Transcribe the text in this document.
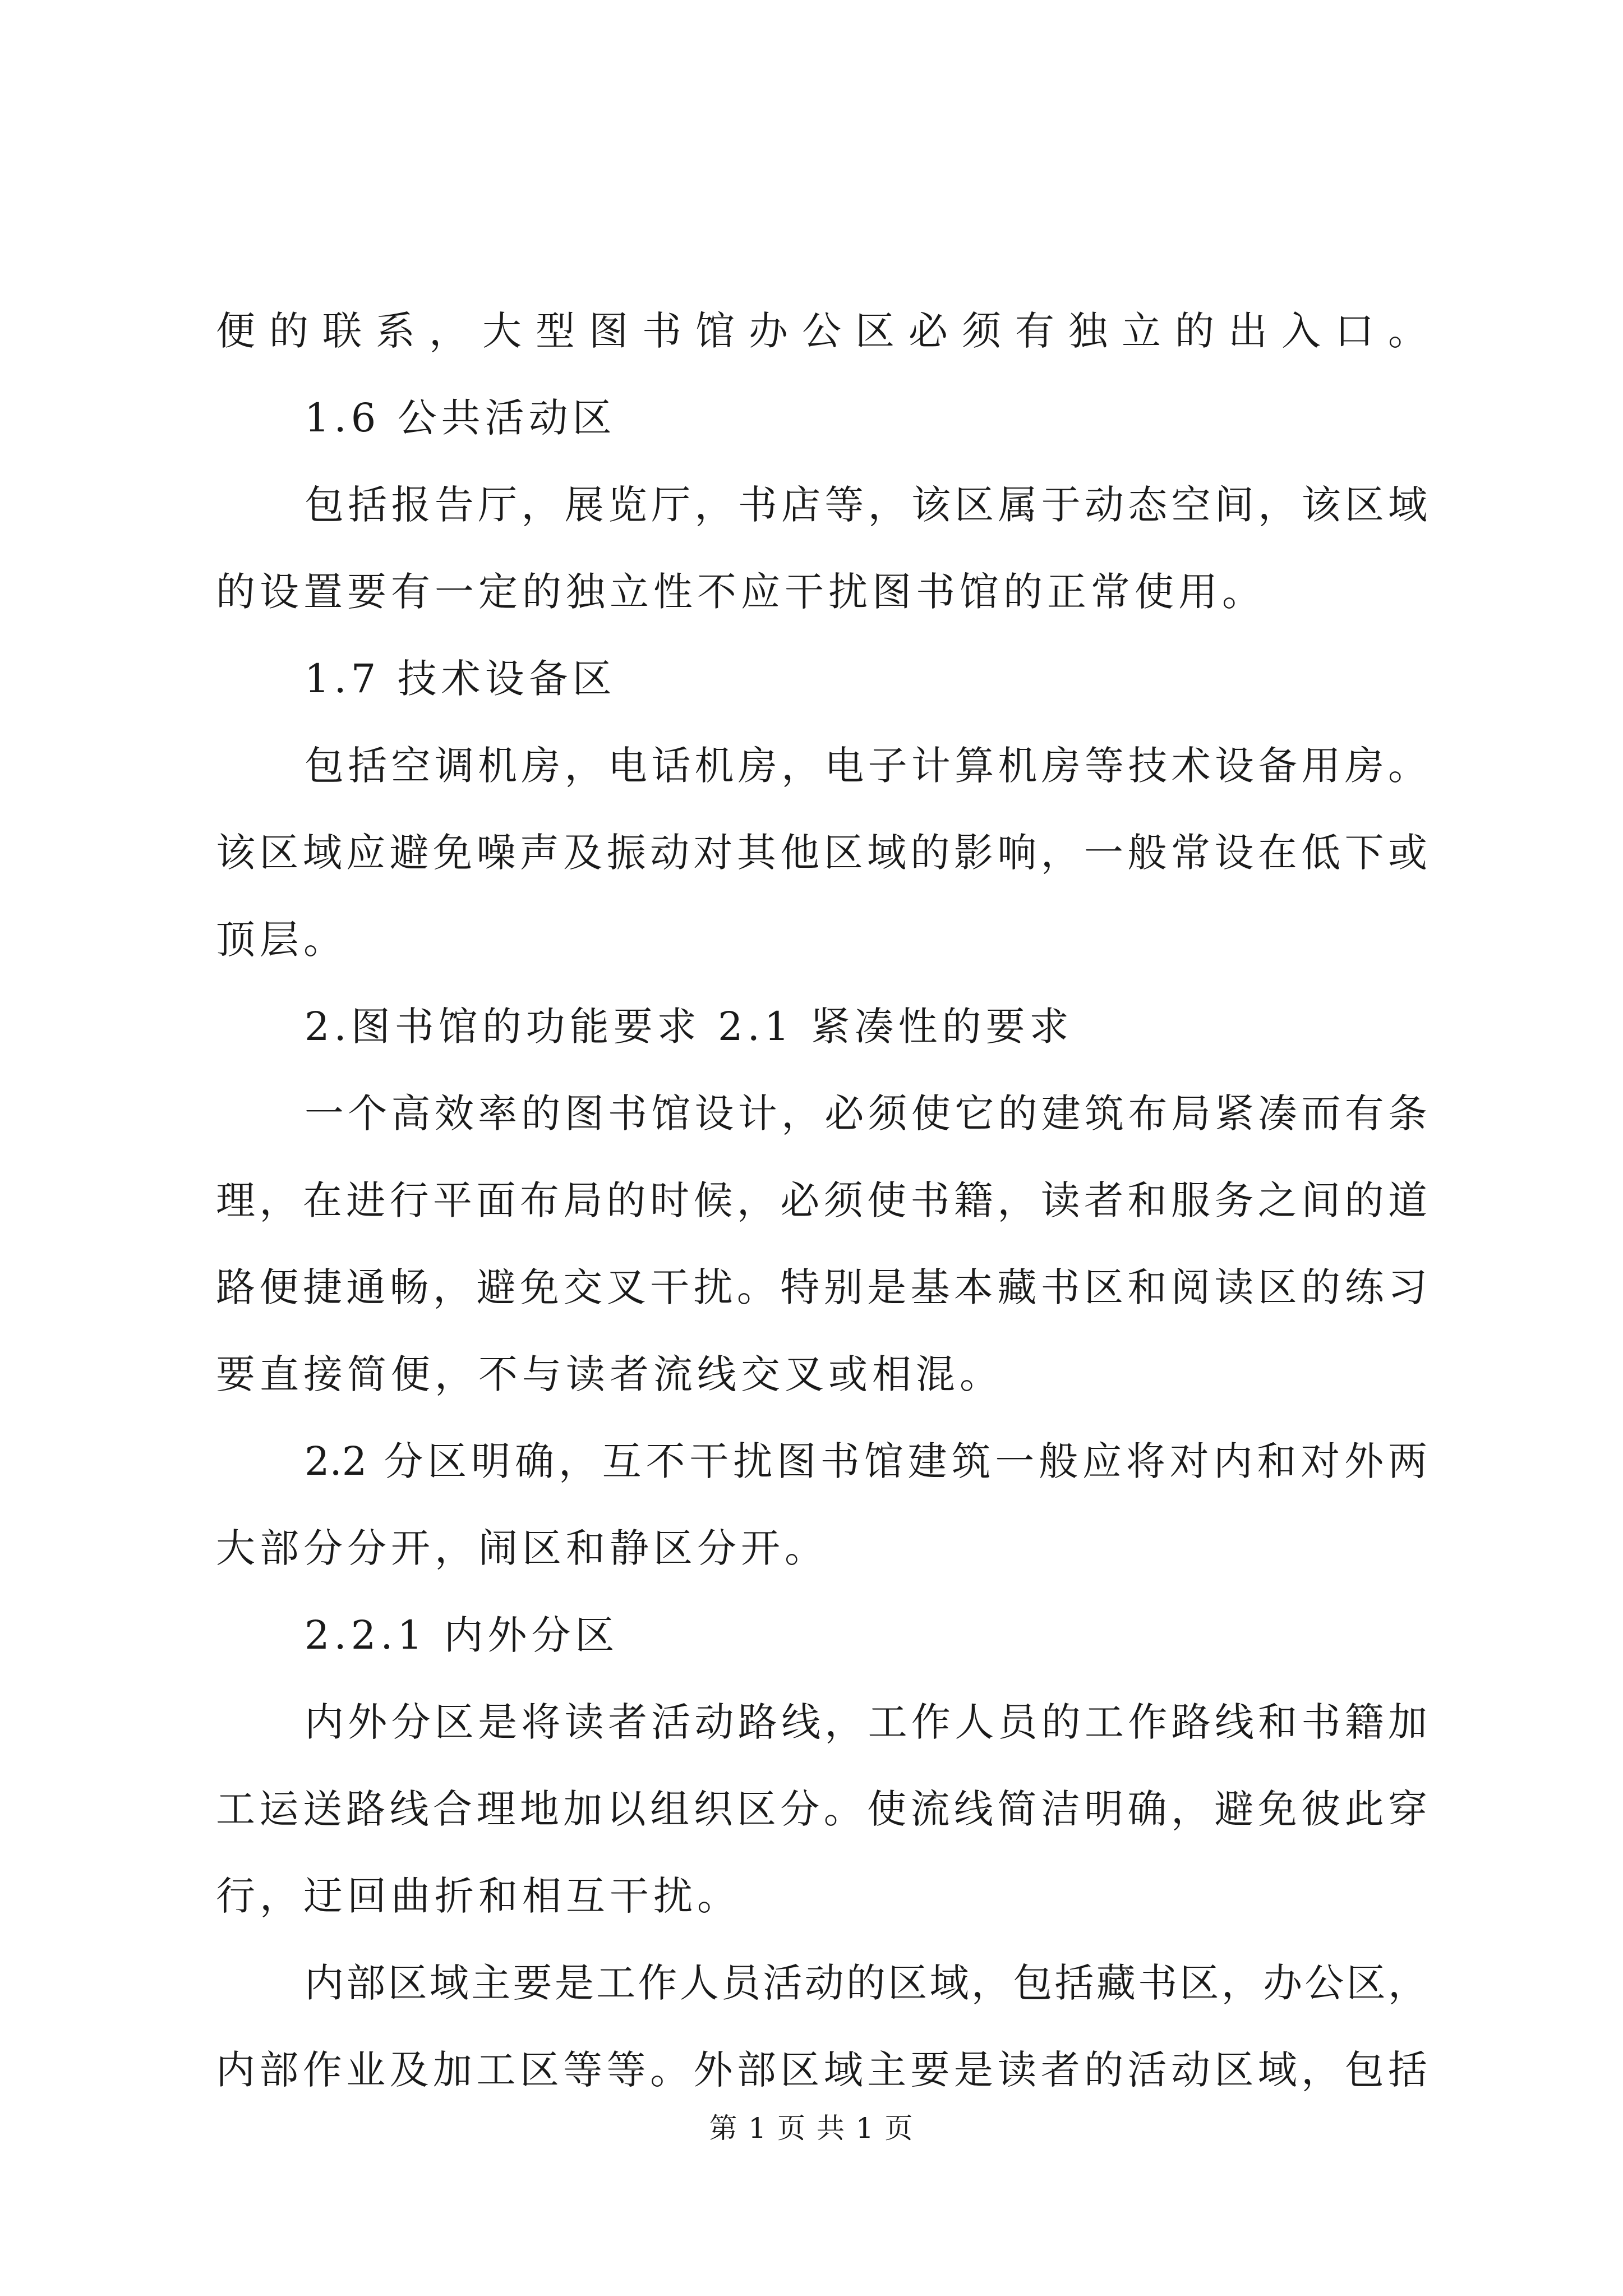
便的联系，大型图书馆办公区必须有独立的出入口。
1.6 公共活动区
包括报告厅，展览厅，书店等，该区属于动态空间，该区域
的设置要有一定的独立性不应干扰图书馆的正常使用。
1.7 技术设备区
包括空调机房，电话机房，电子计算机房等技术设备用房。
该区域应避免噪声及振动对其他区域的影响，一般常设在低下或
顶层。
2.图书馆的功能要求 2.1 紧凑性的要求
一个高效率的图书馆设计，必须使它的建筑布局紧凑而有条
理，在进行平面布局的时候，必须使书籍，读者和服务之间的道
路便捷通畅，避免交叉干扰。特别是基本藏书区和阅读区的练习
要直接简便，不与读者流线交叉或相混。
2.2 分区明确，互不干扰图书馆建筑一般应将对内和对外两
大部分分开，闹区和静区分开。
2.2.1 内外分区
内外分区是将读者活动路线，工作人员的工作路线和书籍加
工运送路线合理地加以组织区分。使流线简洁明确，避免彼此穿
行，迂回曲折和相互干扰。
内部区域主要是工作人员活动的区域，包括藏书区，办公区，
内部作业及加工区等等。外部区域主要是读者的活动区域，包括
第 1 页 共 1 页
